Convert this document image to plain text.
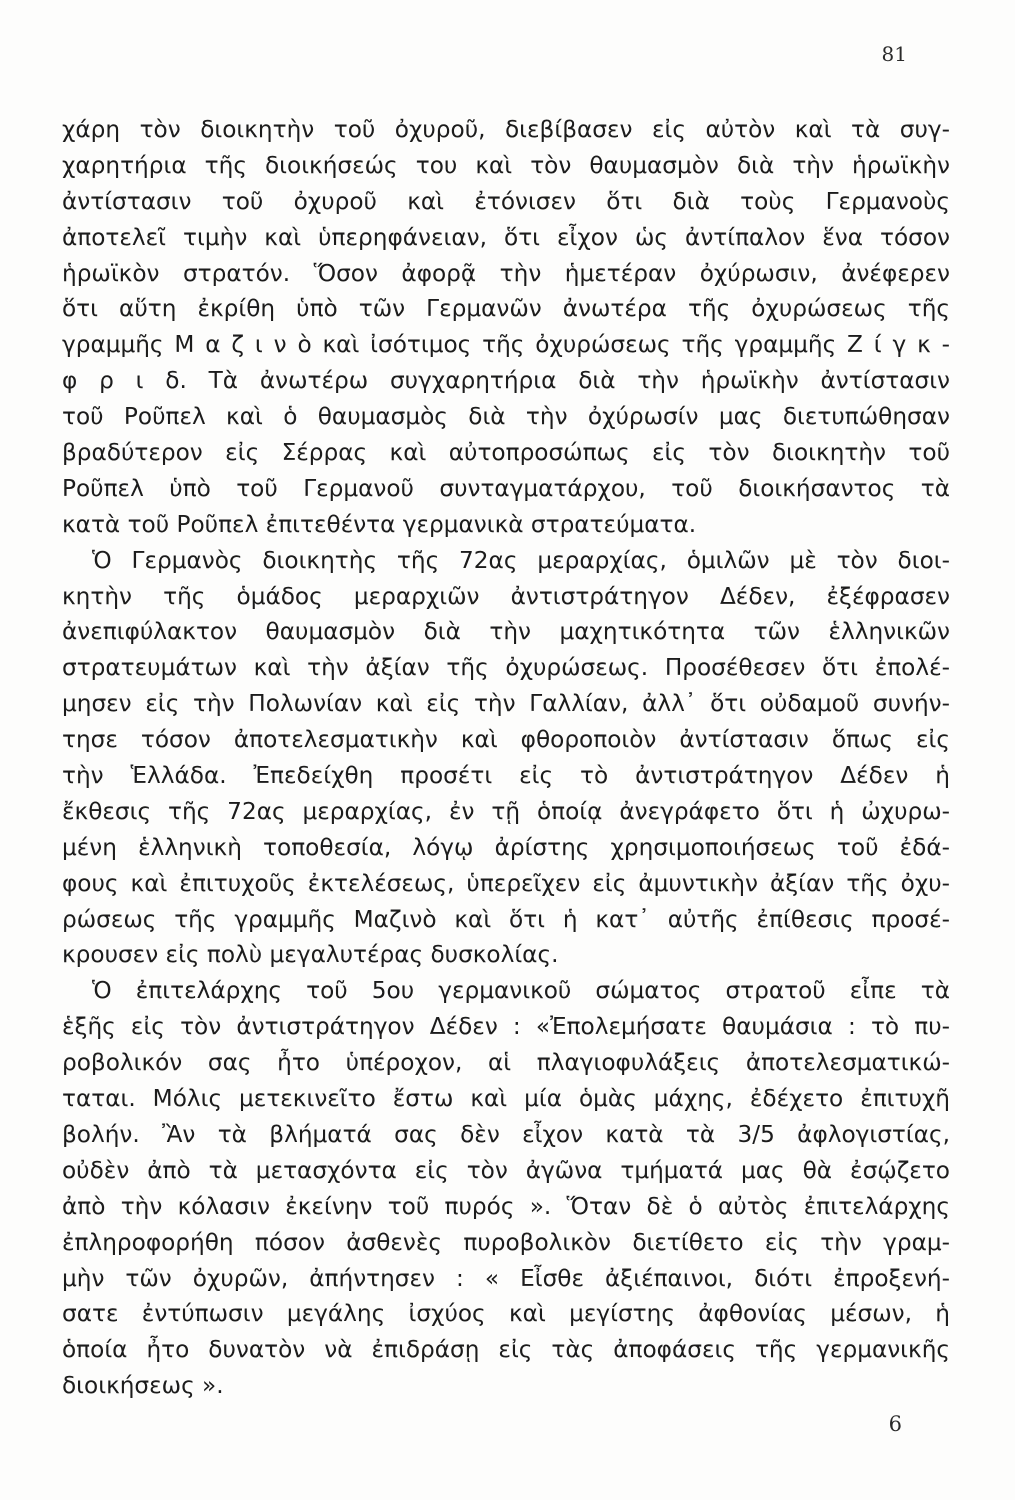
81
χάρη τὸν διοικητὴν τοῦ ὀχυροῦ, διεβίβασεν εἰς αὐτὸν καὶ τὰ συγ-
χαρητήρια τῆς διοικήσεώς του καὶ τὸν θαυμασμὸν διὰ τὴν ἡρωϊκὴν
ἀντίστασιν τοῦ ὀχυροῦ καὶ ἐτόνισεν ὅτι διὰ τοὺς Γερμανοὺς
ἀποτελεῖ τιμὴν καὶ ὑπερηφάνειαν, ὅτι εἶχον ὡς ἀντίπαλον ἕνα τόσον
ἡρωϊκὸν στρατόν. Ὅσον ἀφορᾷ τὴν ἡμετέραν ὀχύρωσιν, ἀνέφερεν
ὅτι αὕτη ἐκρίθη ὑπὸ τῶν Γερμανῶν ἀνωτέρα τῆς ὀχυρώσεως τῆς
γραμμῆς Μ α ζ ι ν ὸ καὶ ἰσότιμος τῆς ὀχυρώσεως τῆς γραμμῆς Ζ ί γ κ -
φ ρ ι δ. Τὰ ἀνωτέρω συγχαρητήρια διὰ τὴν ἡρωϊκὴν ἀντίστασιν
τοῦ Ροῦπελ καὶ ὁ θαυμασμὸς διὰ τὴν ὀχύρωσίν μας διετυπώθησαν
βραδύτερον εἰς Σέρρας καὶ αὐτοπροσώπως εἰς τὸν διοικητὴν τοῦ
Ροῦπελ ὑπὸ τοῦ Γερμανοῦ συνταγματάρχου, τοῦ διοικήσαντος τὰ
κατὰ τοῦ Ροῦπελ ἐπιτεθέντα γερμανικὰ στρατεύματα.
Ὁ Γερμανὸς διοικητὴς τῆς 72ας μεραρχίας, ὁμιλῶν μὲ τὸν διοι-
κητὴν τῆς ὁμάδος μεραρχιῶν ἀντιστράτηγον Δέδεν, ἐξέφρασεν
ἀνεπιφύλακτον θαυμασμὸν διὰ τὴν μαχητικότητα τῶν ἑλληνικῶν
στρατευμάτων καὶ τὴν ἀξίαν τῆς ὀχυρώσεως. Προσέθεσεν ὅτι ἐπολέ-
μησεν εἰς τὴν Πολωνίαν καὶ εἰς τὴν Γαλλίαν, ἀλλ᾽ ὅτι οὐδαμοῦ συνήν-
τησε τόσον ἀποτελεσματικὴν καὶ φθοροποιὸν ἀντίστασιν ὅπως εἰς
τὴν Ἑλλάδα. Ἐπεδείχθη προσέτι εἰς τὸ ἀντιστράτηγον Δέδεν ἡ
ἔκθεσις τῆς 72ας μεραρχίας, ἐν τῇ ὁποίᾳ ἀνεγράφετο ὅτι ἡ ὠχυρω-
μένη ἑλληνικὴ τοποθεσία, λόγῳ ἀρίστης χρησιμοποιήσεως τοῦ ἐδά-
φους καὶ ἐπιτυχοῦς ἐκτελέσεως, ὑπερεῖχεν εἰς ἀμυντικὴν ἀξίαν τῆς ὀχυ-
ρώσεως τῆς γραμμῆς Μαζινὸ καὶ ὅτι ἡ κατ᾽ αὐτῆς ἐπίθεσις προσέ-
κρουσεν εἰς πολὺ μεγαλυτέρας δυσκολίας.
Ὁ ἐπιτελάρχης τοῦ 5ου γερμανικοῦ σώματος στρατοῦ εἶπε τὰ
ἑξῆς εἰς τὸν ἀντιστράτηγον Δέδεν : «Ἐπολεμήσατε θαυμάσια : τὸ πυ-
ροβολικόν σας ἦτο ὑπέροχον, αἱ πλαγιοφυλάξεις ἀποτελεσματικώ-
ταται. Μόλις μετεκινεῖτο ἔστω καὶ μία ὁμὰς μάχης, ἐδέχετο ἐπιτυχῆ
βολήν. Ἂν τὰ βλήματά σας δὲν εἶχον κατὰ τὰ 3/5 ἀφλογιστίας,
οὐδὲν ἀπὸ τὰ μετασχόντα εἰς τὸν ἀγῶνα τμήματά μας θὰ ἐσῴζετο
ἀπὸ τὴν κόλασιν ἐκείνην τοῦ πυρός ». Ὅταν δὲ ὁ αὐτὸς ἐπιτελάρχης
ἐπληροφορήθη πόσον ἀσθενὲς πυροβολικὸν διετίθετο εἰς τὴν γραμ-
μὴν τῶν ὀχυρῶν, ἀπήντησεν : « Εἶσθε ἀξιέπαινοι, διότι ἐπροξενή-
σατε ἐντύπωσιν μεγάλης ἰσχύος καὶ μεγίστης ἀφθονίας μέσων, ἡ
ὁποία ἦτο δυνατὸν νὰ ἐπιδράσῃ εἰς τὰς ἀποφάσεις τῆς γερμανικῆς
διοικήσεως ».
6
